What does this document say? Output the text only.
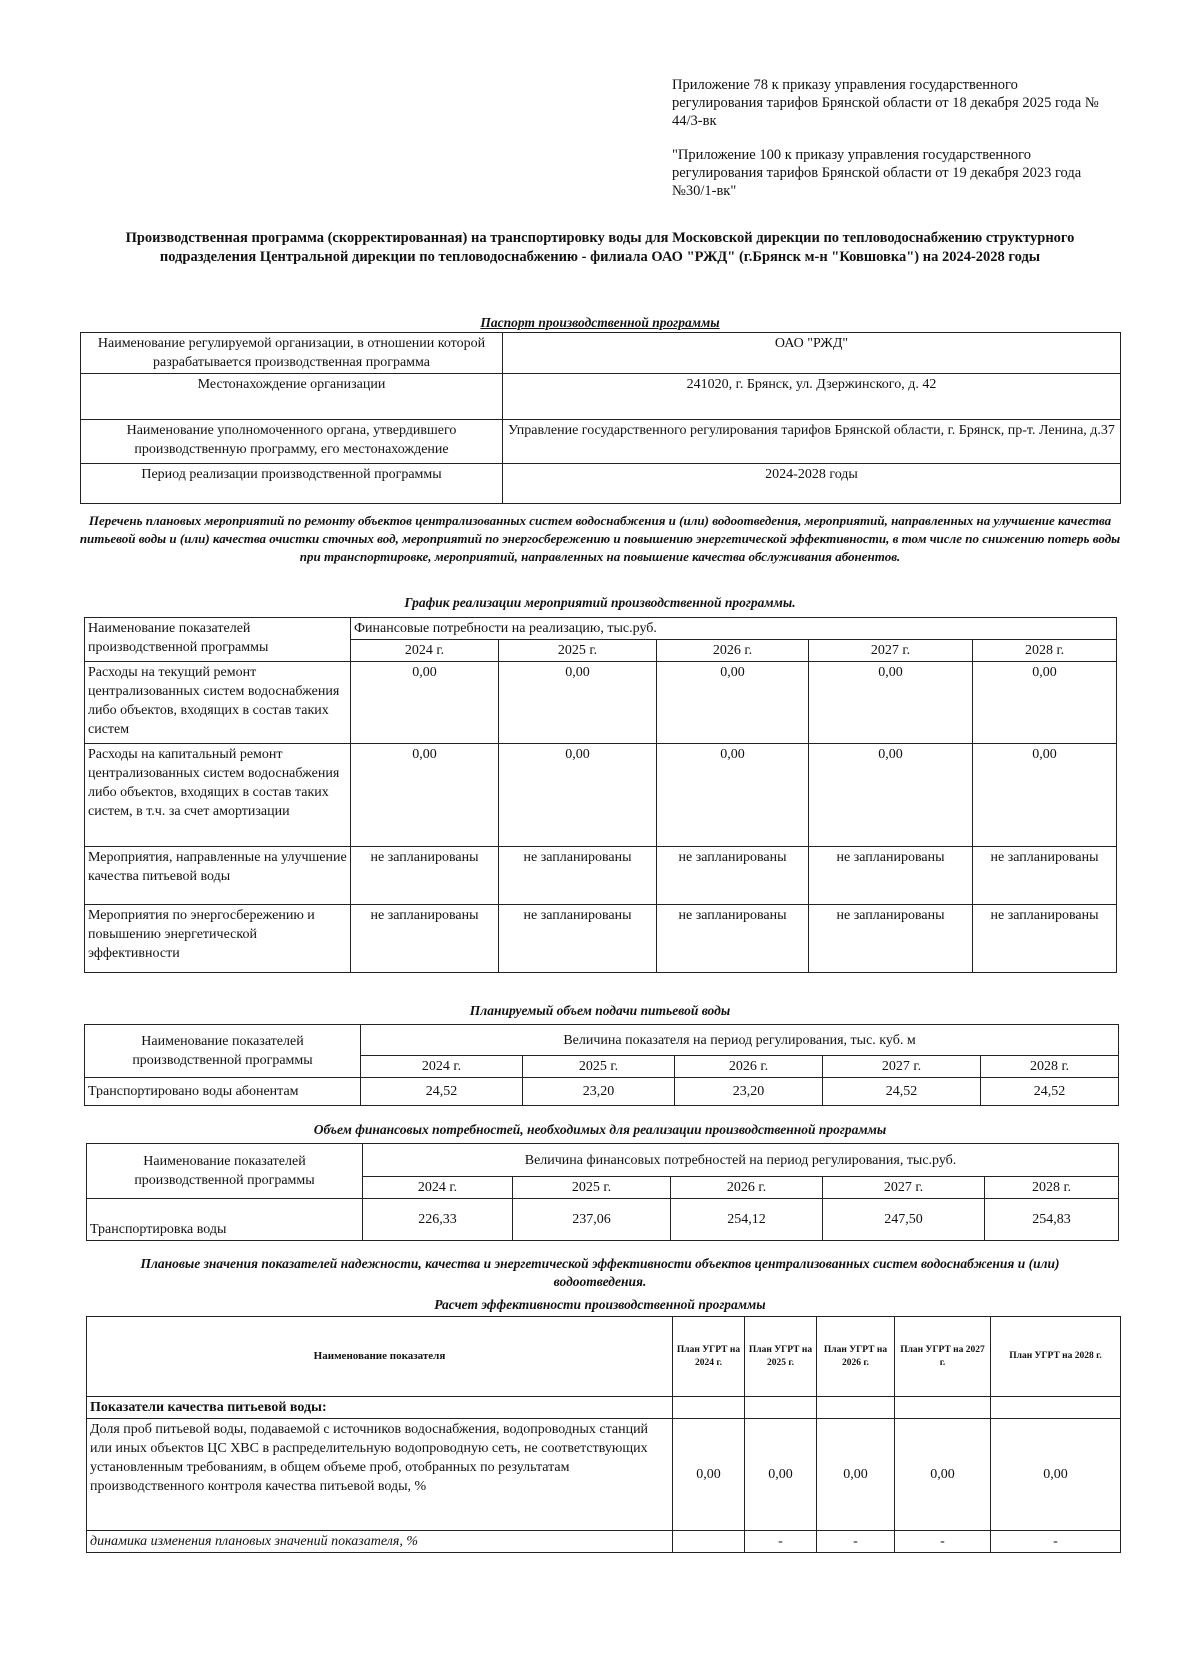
Приложение 78 к приказу управления государственного регулирования тарифов Брянской области от 18 декабря 2025 года № 44/3-вк
"Приложение 100 к приказу управления государственного регулирования тарифов Брянской области от 19 декабря 2023 года №30/1-вк"
Производственная программа (скорректированная) на транспортировку воды для Московской дирекции по тепловодоснабжению структурного подразделения Центральной дирекции по тепловодоснабжению - филиала ОАО "РЖД" (г.Брянск м-н "Ковшовка") на 2024-2028 годы
Паспорт производственной программы
Наименование регулируемой организации, в отношении которой разрабатывается производственная программа	ОАО "РЖД"
Местонахождение организации	241020, г. Брянск, ул. Дзержинского, д. 42
Наименование уполномоченного органа, утвердившего производственную программу, его местонахождение	Управление государственного регулирования тарифов Брянской области, г. Брянск, пр-т. Ленина, д.37
Период реализации производственной программы	2024-2028 годы
Перечень плановых мероприятий по ремонту объектов централизованных систем водоснабжения и (или) водоотведения, мероприятий, направленных на улучшение качества питьевой воды и (или) качества очистки сточных вод, мероприятий по энергосбережению и повышению энергетической эффективности, в том числе по снижению потерь воды при транспортировке, мероприятий, направленных на повышение качества обслуживания абонентов.
График реализации мероприятий производственной программы.
Наименование показателей производственной программы	Финансовые потребности на реализацию, тыс.руб.				
	2024 г.	2025 г.	2026 г.	2027 г.	2028 г.
Расходы на текущий ремонт централизованных систем водоснабжения либо объектов, входящих в состав таких систем	0,00	0,00	0,00	0,00	0,00
Расходы на капитальный ремонт централизованных систем водоснабжения либо объектов, входящих в состав таких систем, в т.ч. за счет амортизации	0,00	0,00	0,00	0,00	0,00
Мероприятия, направленные на улучшение качества питьевой воды	не запланированы	не запланированы	не запланированы	не запланированы	не запланированы
Мероприятия по энергосбережению и повышению энергетической эффективности	не запланированы	не запланированы	не запланированы	не запланированы	не запланированы
Планируемый объем подачи питьевой воды
Наименование показателей производственной программы	Величина показателя на период регулирования, тыс. куб. м				
	2024 г.	2025 г.	2026 г.	2027 г.	2028 г.
Транспортировано воды абонентам	24,52	23,20	23,20	24,52	24,52
Объем финансовых потребностей, необходимых для реализации производственной программы
Наименование показателей производственной программы	Величина финансовых потребностей на период регулирования, тыс.руб.				
	2024 г.	2025 г.	2026 г.	2027 г.	2028 г.
Транспортировка воды	226,33	237,06	254,12	247,50	254,83
Плановые значения показателей надежности, качества и энергетической эффективности объектов централизованных систем водоснабжения и (или) водоотведения.
Расчет эффективности производственной программы
Наименование показателя	План УГРТ на 2024 г.	План УГРТ на 2025 г.	План УГРТ на 2026 г.	План УГРТ на 2027 г.	План УГРТ на 2028 г.
Показатели качества питьевой воды:					
Доля проб питьевой воды, подаваемой с источников водоснабжения, водопроводных станций или иных объектов ЦС ХВС в распределительную водопроводную сеть, не соответствующих установленным требованиям, в общем объеме проб, отобранных по результатам производственного контроля качества питьевой воды, %	0,00	0,00	0,00	0,00	0,00
динамика изменения плановых значений показателя, %		-	-	-	-
